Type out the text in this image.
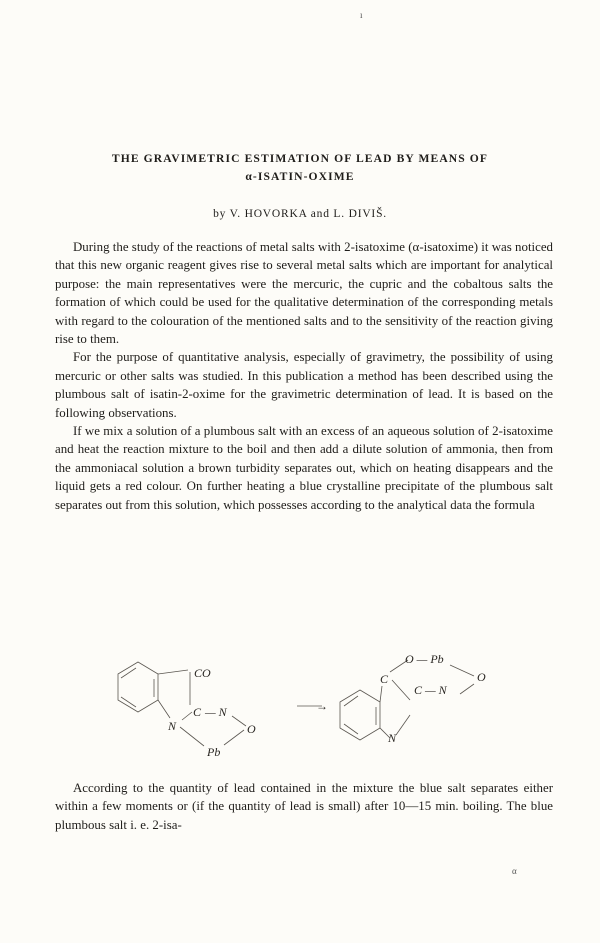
ı
THE GRAVIMETRIC ESTIMATION OF LEAD BY MEANS OF
α-ISATIN-OXIME
by V. HOVORKA and L. DIVIŠ.

During the study of the reactions of metal salts with 2-isatoxime (α-isatoxime) it was noticed that this new organic reagent gives rise to several metal salts which are important for analytical purpose: the main representatives were the mercuric, the cupric and the cobaltous salts the formation of which could be used for the qualitative determination of the corresponding metals with regard to the colouration of the mentioned salts and to the sensitivity of the reaction giving rise to them.

For the purpose of quantitative analysis, especially of gravimetry, the possibility of using mercuric or other salts was studied. In this publication a method has been described using the plumbous salt of isatin-2-oxime for the gravimetric determination of lead. It is based on the following observations.

If we mix a solution of a plumbous salt with an excess of an aqueous solution of 2-isatoxime and heat the reaction mixture to the boil and then add a dilute solution of ammonia, then from the ammoniacal solution a brown turbidity separates out, which on heating disappears and the liquid gets a red colour. On further heating a blue crystalline precipitate of the plumbous salt separates out from this solution, which possesses according to the analytical data the formula

CO
C — N
N	O
Pb
→
O — Pb
C	O
C — N
N

According to the quantity of lead contained in the mixture the blue salt separates either within a few moments or (if the quantity of lead is small) after 10—15 min. boiling. The blue plumbous salt i. e. 2-isa-

α
